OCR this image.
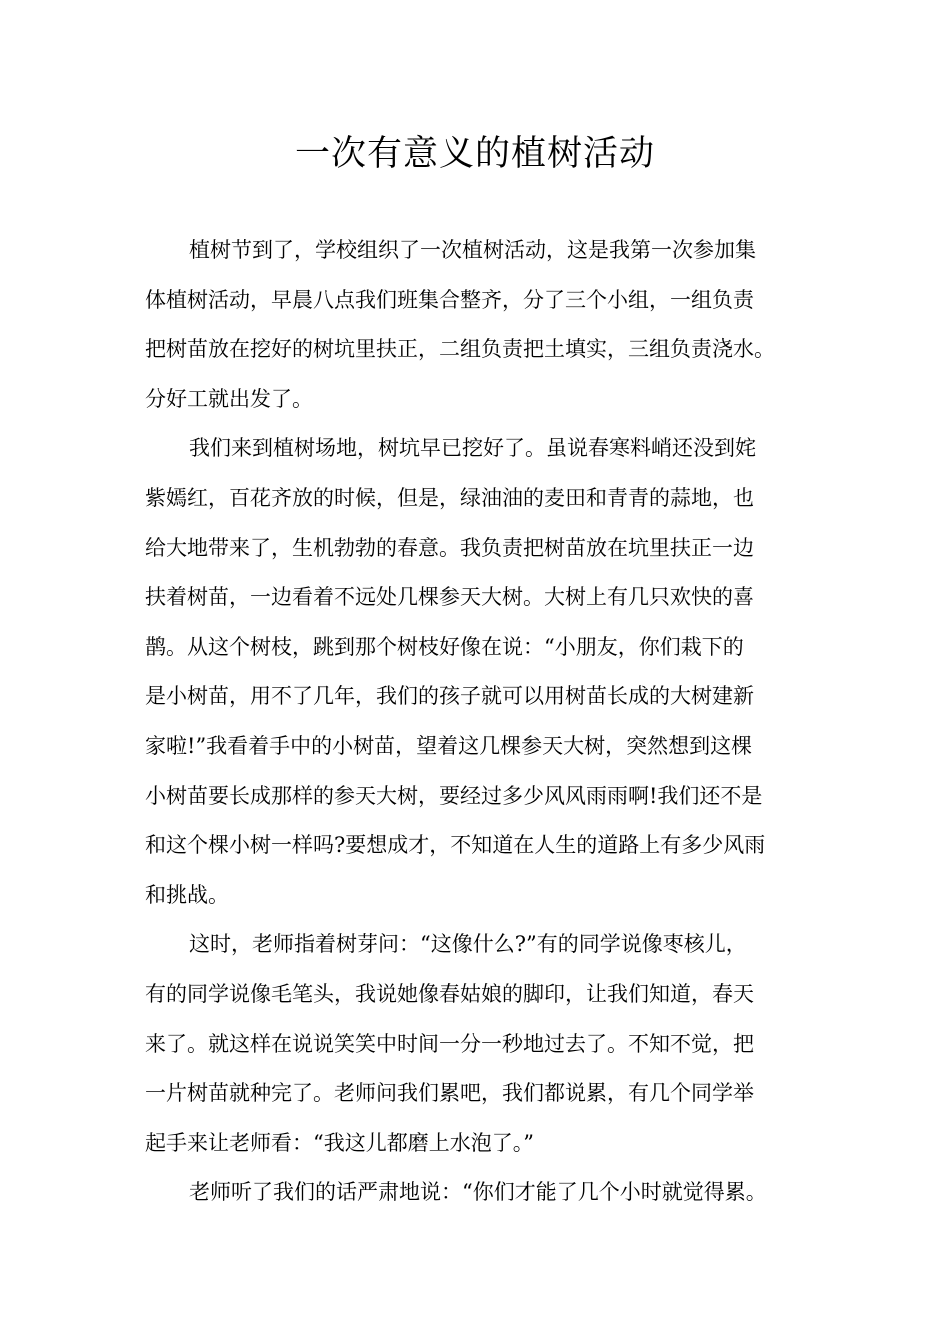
一次有意义的植树活动
植树节到了，学校组织了一次植树活动，这是我第一次参加集
体植树活动，早晨八点我们班集合整齐，分了三个小组，一组负责
把树苗放在挖好的树坑里扶正，二组负责把土填实，三组负责浇水。
分好工就出发了。
我们来到植树场地，树坑早已挖好了。虽说春寒料峭还没到姹
紫嫣红，百花齐放的时候，但是，绿油油的麦田和青青的蒜地，也
给大地带来了，生机勃勃的春意。我负责把树苗放在坑里扶正一边
扶着树苗，一边看着不远处几棵参天大树。大树上有几只欢快的喜
鹊。从这个树枝，跳到那个树枝好像在说：“小朋友，你们栽下的
是小树苗，用不了几年，我们的孩子就可以用树苗长成的大树建新
家啦!”我看着手中的小树苗，望着这几棵参天大树，突然想到这棵
小树苗要长成那样的参天大树，要经过多少风风雨雨啊!我们还不是
和这个棵小树一样吗?要想成才，不知道在人生的道路上有多少风雨
和挑战。
这时，老师指着树芽问：“这像什么?”有的同学说像枣核儿，
有的同学说像毛笔头，我说她像春姑娘的脚印，让我们知道，春天
来了。就这样在说说笑笑中时间一分一秒地过去了。不知不觉，把
一片树苗就种完了。老师问我们累吧，我们都说累，有几个同学举
起手来让老师看：“我这儿都磨上水泡了。”
老师听了我们的话严肃地说：“你们才能了几个小时就觉得累。
